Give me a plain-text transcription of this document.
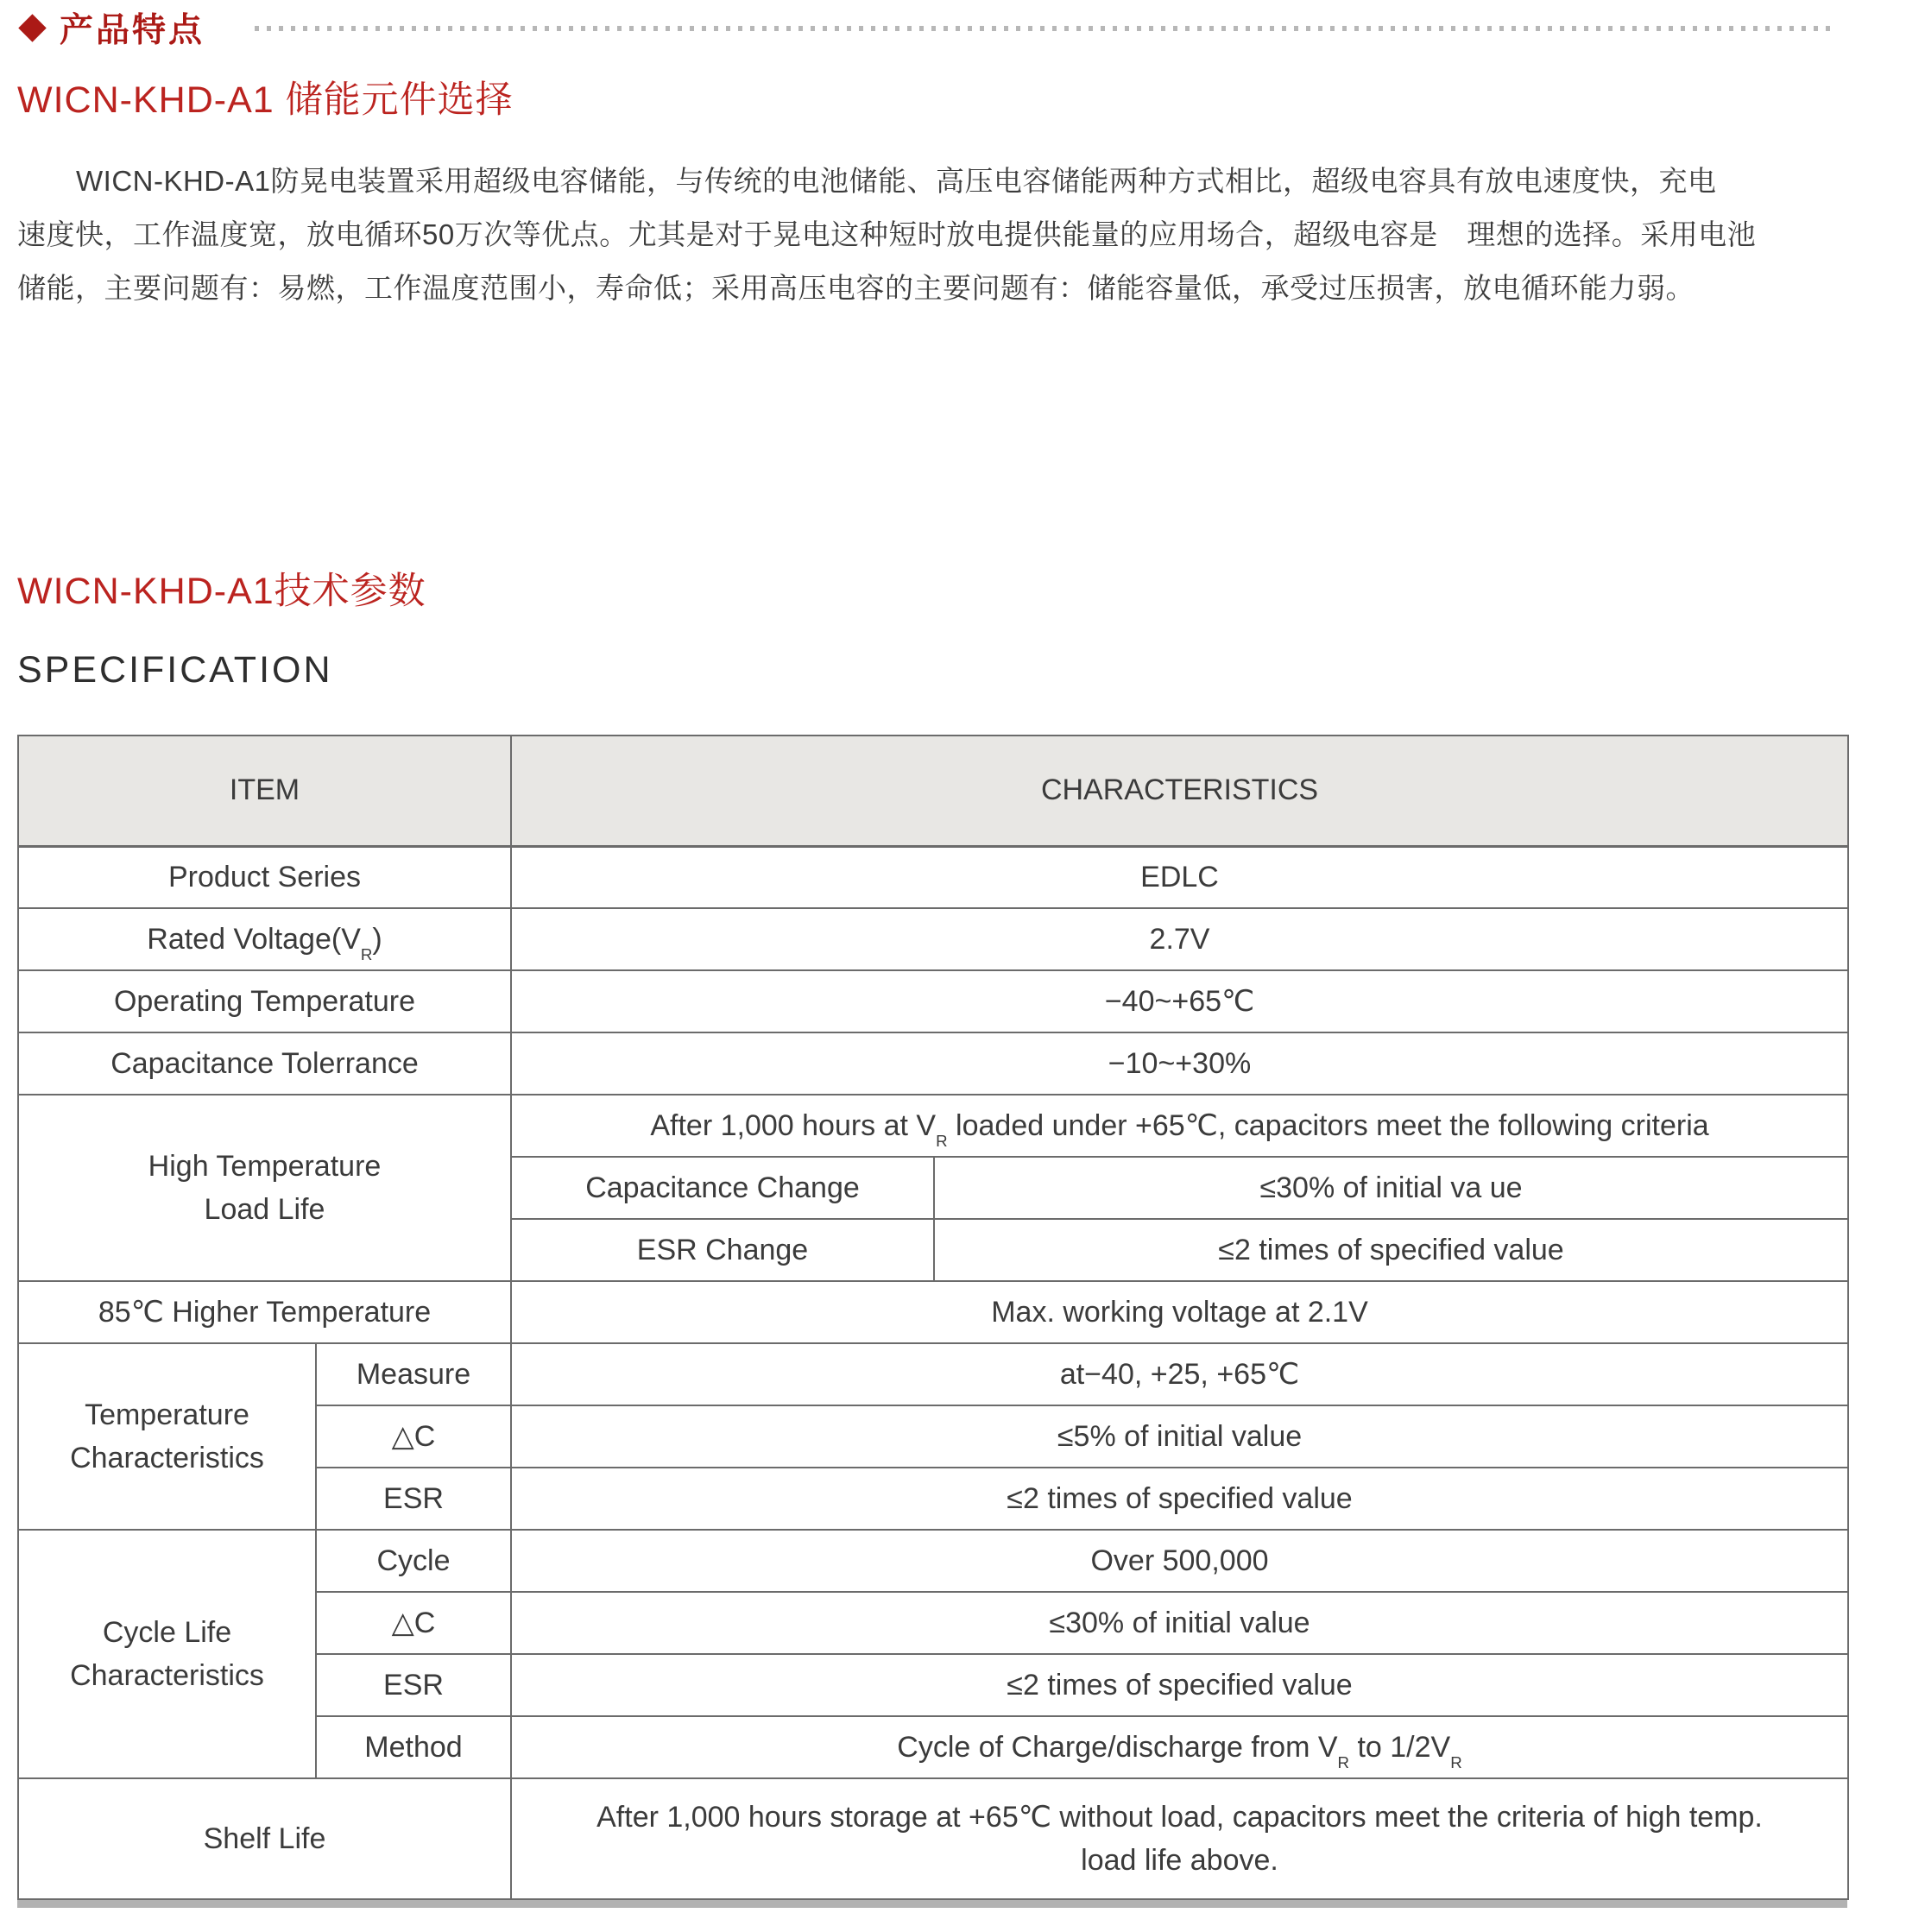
产品特点
WICN-KHD-A1 储能元件选择
WICN-KHD-A1防晃电装置采用超级电容储能，与传统的电池储能、高压电容储能两种方式相比，超级电容具有放电速度快，充电
速度快，工作温度宽，放电循环50万次等优点。尤其是对于晃电这种短时放电提供能量的应用场合，超级电容是　理想的选择。采用电池
储能，主要问题有：易燃，工作温度范围小，寿命低；采用高压电容的主要问题有：储能容量低，承受过压损害，放电循环能力弱。
WICN-KHD-A1技术参数
SPECIFICATION
ITEM		CHARACTERISTICS	
Product Series		EDLC	
Rated $Voltage(V_R)$		2.7V	
Operating Temperature		−40~+65℃	
Capacitance Tolerrance		−10~+30%	
High Temperature
Load Life		After 1,000 hours at $V_R$ loaded under +65℃, capacitors meet the following criteria	
		Capacitance Change	≤30% of initial va ue
		ESR Change	≤2 times of specified value
85℃ Higher Temperature		Max. working voltage at 2.1V	
Temperature
Characteristics	Measure	at−40, +25, +65℃	
	△C	≤5% of initial value	
	ESR	≤2 times of specified value	
Cycle Life
Characteristics	Cycle	Over 500,000	
	△C	≤30% of initial value	
	ESR	≤2 times of specified value	
	Method	Cycle of Charge/discharge from $V_R$ to $1/2V_R$
Shelf Life		After 1,000 hours storage at +65℃ without load, capacitors meet the criteria of high temp. load life above.	
